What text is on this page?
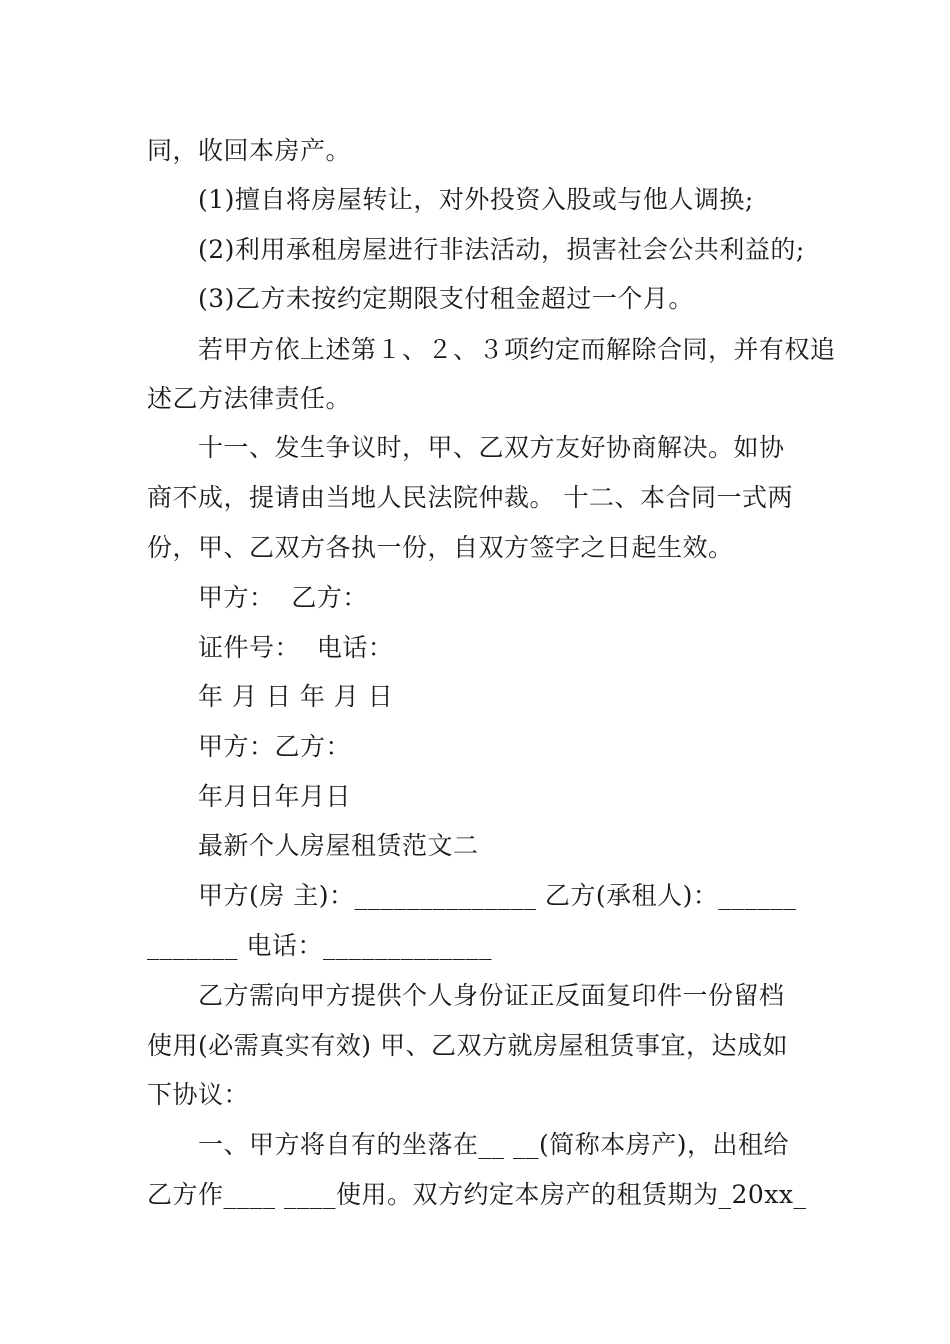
同，收回本房产。
(1)擅自将房屋转让，对外投资入股或与他人调换;
(2)利用承租房屋进行非法活动，损害社会公共利益的;
(3)乙方未按约定期限支付租金超过一个月。
若甲方依上述第１、２、３项约定而解除合同，并有权追
述乙方法律责任。
十一、发生争议时，甲、乙双方友好协商解决。如协
商不成，提请由当地人民法院仲裁。 十二、本合同一式两
份，甲、乙双方各执一份，自双方签字之日起生效。
甲方：  乙方：
证件号：  电话：
年 月 日 年 月 日
甲方：乙方：
年月日年月日
最新个人房屋租赁范文二
甲方(房 主)：______________ 乙方(承租人)：______
_______ 电话：_____________
乙方需向甲方提供个人身份证正反面复印件一份留档
使用(必需真实有效) 甲、乙双方就房屋租赁事宜，达成如
下协议：
一、甲方将自有的坐落在__ __(简称本房产)，出租给
乙方作____ ____使用。双方约定本房产的租赁期为_20xx_
